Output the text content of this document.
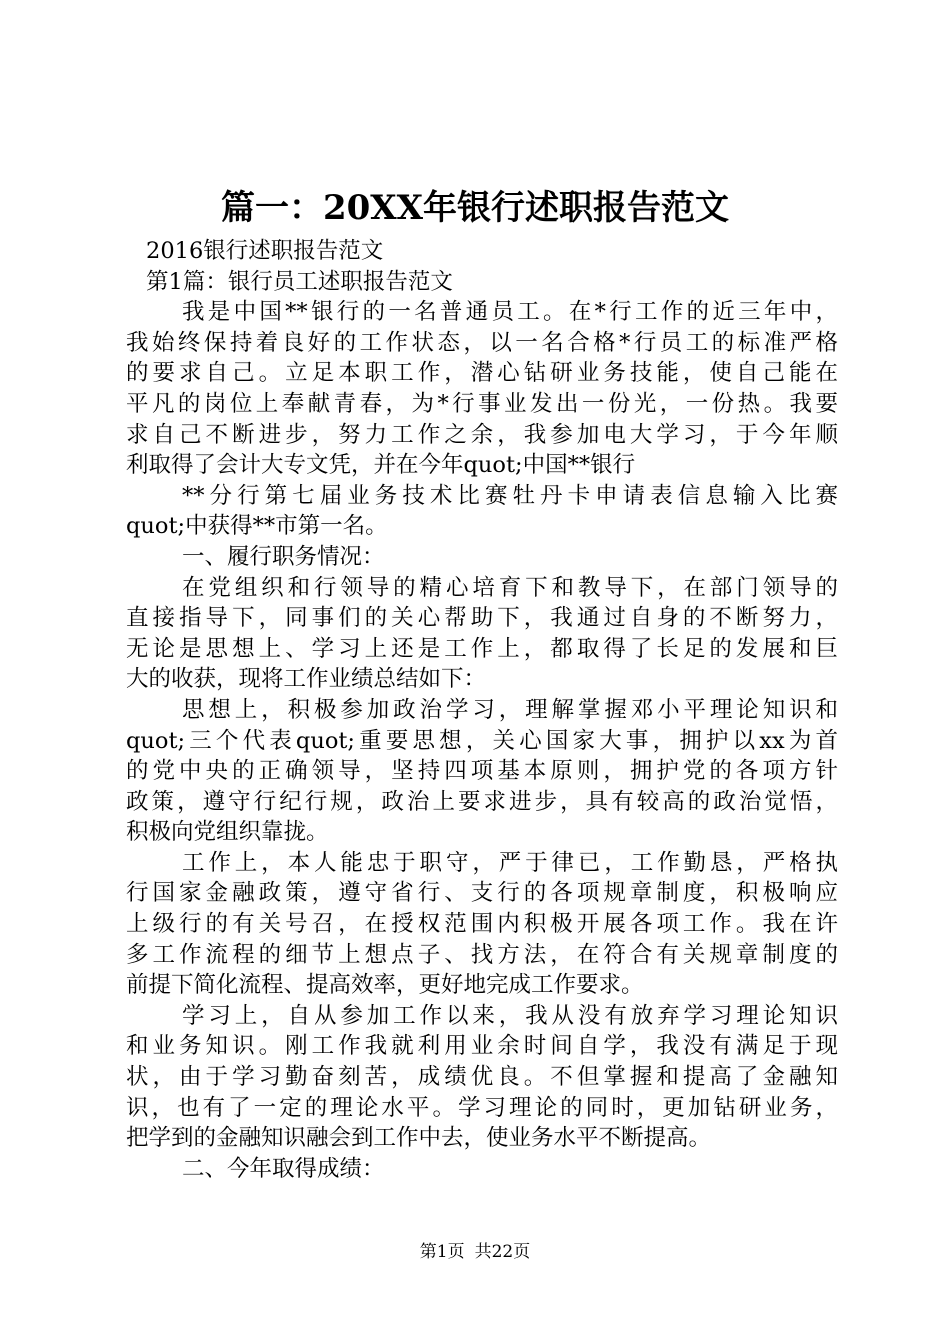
篇一：20XX年银行述职报告范文
2016银行述职报告范文
第1篇：银行员工述职报告范文
我是中国**银行的一名普通员工。在*行工作的近三年中，
我始终保持着良好的工作状态，以一名合格*行员工的标准严格
的要求自己。立足本职工作，潜心钻研业务技能，使自己能在
平凡的岗位上奉献青春，为*行事业发出一份光，一份热。我要
求自己不断进步，努力工作之余，我参加电大学习，于今年顺
利取得了会计大专文凭，并在今年quot;中国**银行
**分行第七届业务技术比赛牡丹卡申请表信息输入比赛
quot;中获得**市第一名。
一、履行职务情况：
在党组织和行领导的精心培育下和教导下，在部门领导的
直接指导下，同事们的关心帮助下，我通过自身的不断努力，
无论是思想上、学习上还是工作上，都取得了长足的发展和巨
大的收获，现将工作业绩总结如下：
思想上，积极参加政治学习，理解掌握邓小平理论知识和
quot;三个代表quot;重要思想，关心国家大事，拥护以xx为首
的党中央的正确领导，坚持四项基本原则，拥护党的各项方针
政策，遵守行纪行规，政治上要求进步，具有较高的政治觉悟，
积极向党组织靠拢。
工作上，本人能忠于职守，严于律已，工作勤恳，严格执
行国家金融政策，遵守省行、支行的各项规章制度，积极响应
上级行的有关号召，在授权范围内积极开展各项工作。我在许
多工作流程的细节上想点子、找方法，在符合有关规章制度的
前提下简化流程、提高效率，更好地完成工作要求。
学习上，自从参加工作以来，我从没有放弃学习理论知识
和业务知识。刚工作我就利用业余时间自学，我没有满足于现
状，由于学习勤奋刻苦，成绩优良。不但掌握和提高了金融知
识，也有了一定的理论水平。学习理论的同时，更加钻研业务，
把学到的金融知识融会到工作中去，使业务水平不断提高。
二、今年取得成绩：
第1页 共22页
